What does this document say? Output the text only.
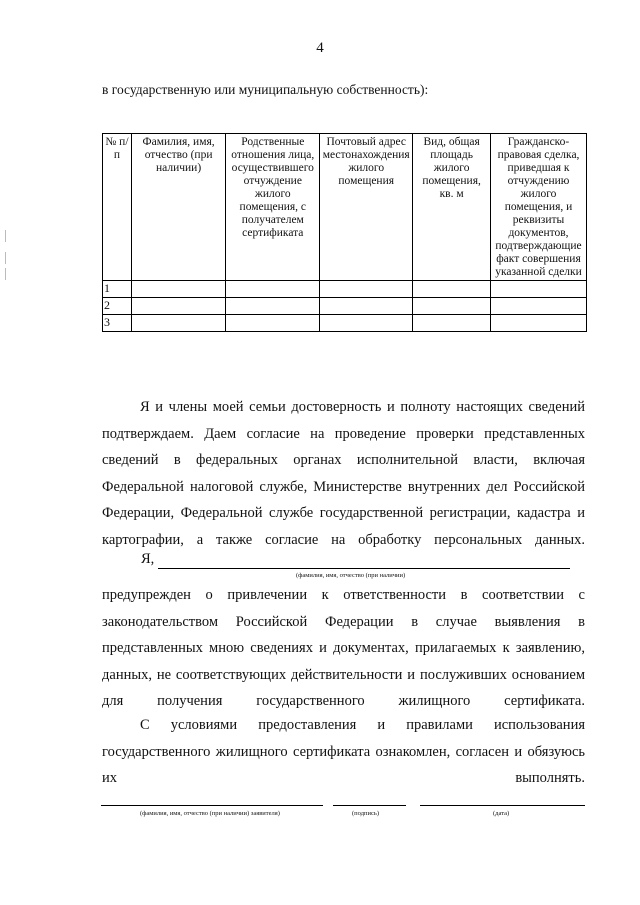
4
в государственную или муниципальную собственность):
№ п/п	Фамилия, имя, отчество (при наличии)	Родственные отношения лица, осуществившего отчуждение жилого помещения, с получателем сертификата	Почтовый адрес местонахождения жилого помещения	Вид, общая площадь жилого помещения, кв. м	Гражданско-правовая сделка, приведшая к отчуждению жилого помещения, и реквизиты документов, подтверждающие факт совершения указанной сделки
1					
2					
3					
Я и члены моей семьи достоверность и полноту настоящих сведений подтверждаем. Даем согласие на проведение проверки представленных сведений в федеральных органах исполнительной власти, включая Федеральной налоговой службе, Министерстве внутренних дел Российской Федерации, Федеральной службе государственной регистрации, кадастра и картографии, а также согласие на обработку персональных данных.
Я,
(фамилия, имя, отчество (при наличии)
предупрежден о привлечении к ответственности в соответствии с законодательством Российской Федерации в случае выявления в представленных мною сведениях и документах, прилагаемых к заявлению, данных, не соответствующих действительности и послуживших основанием для получения государственного жилищного сертификата.
С условиями предоставления и правилами использования государственного жилищного сертификата ознакомлен, согласен и обязуюсь их выполнять.
(фамилия, имя, отчество (при наличии) заявителя)	(подпись)	(дата)
